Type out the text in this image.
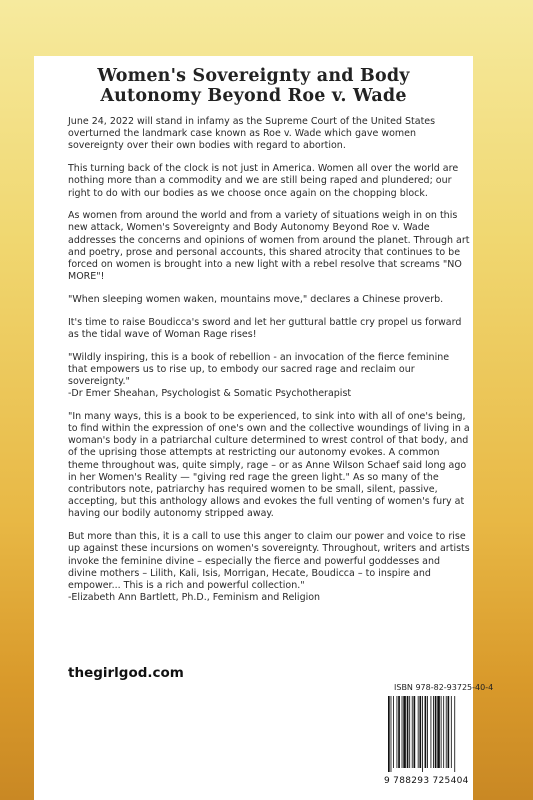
Women's Sovereignty and Body
Autonomy Beyond Roe v. Wade

June 24, 2022 will stand in infamy as the Supreme Court of the United States overturned the landmark case known as Roe v. Wade which gave women sovereignty over their own bodies with regard to abortion.

This turning back of the clock is not just in America. Women all over the world are nothing more than a commodity and we are still being raped and plundered; our right to do with our bodies as we choose once again on the chopping block.

As women from around the world and from a variety of situations weigh in on this new attack, Women's Sovereignty and Body Autonomy Beyond Roe v. Wade addresses the concerns and opinions of women from around the planet. Through art and poetry, prose and personal accounts, this shared atrocity that continues to be forced on women is brought into a new light with a rebel resolve that screams "NO MORE"!

"When sleeping women waken, mountains move," declares a Chinese proverb.

It's time to raise Boudicca's sword and let her guttural battle cry propel us forward as the tidal wave of Woman Rage rises!

"Wildly inspiring, this is a book of rebellion - an invocation of the fierce feminine that empowers us to rise up, to embody our sacred rage and reclaim our sovereignty."
-Dr Emer Sheahan, Psychologist & Somatic Psychotherapist

"In many ways, this is a book to be experienced, to sink into with all of one's being, to find within the expression of one's own and the collective woundings of living in a woman's body in a patriarchal culture determined to wrest control of that body, and of the uprising those attempts at restricting our autonomy evokes. A common theme throughout was, quite simply, rage – or as Anne Wilson Schaef said long ago in her Women's Reality — "giving red rage the green light." As so many of the contributors note, patriarchy has required women to be small, silent, passive, accepting, but this anthology allows and evokes the full venting of women's fury at having our bodily autonomy stripped away.

But more than this, it is a call to use this anger to claim our power and voice to rise up against these incursions on women's sovereignty. Throughout, writers and artists invoke the feminine divine – especially the fierce and powerful goddesses and divine mothers – Lilith, Kali, Isis, Morrigan, Hecate, Boudicca – to inspire and empower... This is a rich and powerful collection."
-Elizabeth Ann Bartlett, Ph.D., Feminism and Religion

thegirlgod.com
ISBN 978-82-93725-40-4
9 788293 725404
